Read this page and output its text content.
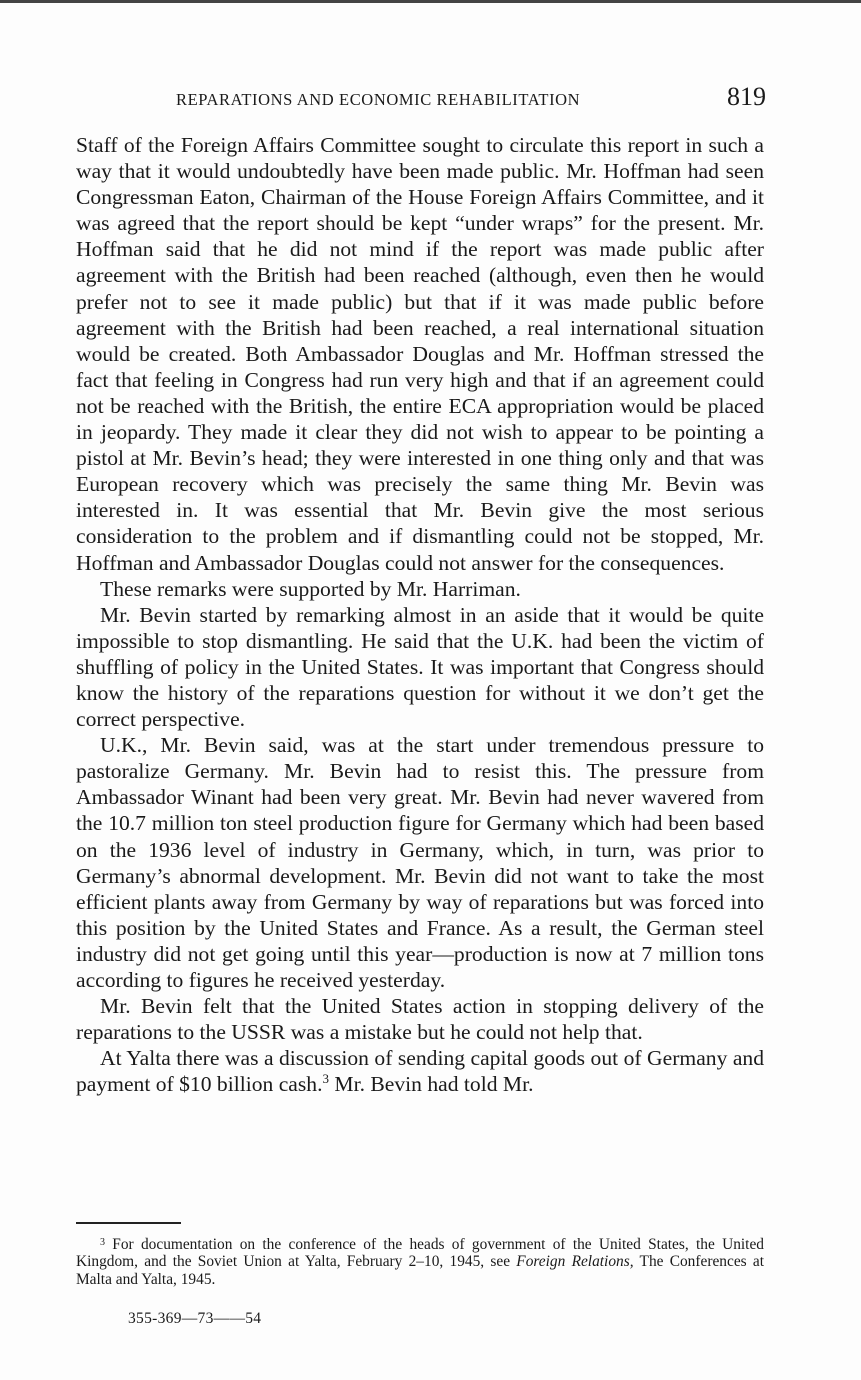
REPARATIONS AND ECONOMIC REHABILITATION	819

Staff of the Foreign Affairs Committee sought to circulate this report in such a way that it would undoubtedly have been made public. Mr. Hoffman had seen Congressman Eaton, Chairman of the House Foreign Affairs Committee, and it was agreed that the report should be kept “under wraps” for the present. Mr. Hoffman said that he did not mind if the report was made public after agreement with the British had been reached (although, even then he would prefer not to see it made public) but that if it was made public before agreement with the British had been reached, a real international situation would be created. Both Ambassador Douglas and Mr. Hoffman stressed the fact that feeling in Congress had run very high and that if an agreement could not be reached with the British, the entire ECA appropriation would be placed in jeopardy. They made it clear they did not wish to appear to be pointing a pistol at Mr. Bevin’s head; they were interested in one thing only and that was European recovery which was precisely the same thing Mr. Bevin was interested in. It was essential that Mr. Bevin give the most serious consideration to the problem and if dismantling could not be stopped, Mr. Hoffman and Ambassador Douglas could not answer for the consequences.

These remarks were supported by Mr. Harriman.

Mr. Bevin started by remarking almost in an aside that it would be quite impossible to stop dismantling. He said that the U.K. had been the victim of shuffling of policy in the United States. It was important that Congress should know the history of the reparations question for without it we don’t get the correct perspective.

U.K., Mr. Bevin said, was at the start under tremendous pressure to pastoralize Germany. Mr. Bevin had to resist this. The pressure from Ambassador Winant had been very great. Mr. Bevin had never wavered from the 10.7 million ton steel production figure for Germany which had been based on the 1936 level of industry in Germany, which, in turn, was prior to Germany’s abnormal development. Mr. Bevin did not want to take the most efficient plants away from Germany by way of reparations but was forced into this position by the United States and France. As a result, the German steel industry did not get going until this year—production is now at 7 million tons according to figures he received yesterday.

Mr. Bevin felt that the United States action in stopping delivery of the reparations to the USSR was a mistake but he could not help that.

At Yalta there was a discussion of sending capital goods out of Germany and payment of $10 billion cash.$^3$ Mr. Bevin had told Mr.

$^3$ For documentation on the conference of the heads of government of the United States, the United Kingdom, and the Soviet Union at Yalta, February 2–10, 1945, see Foreign Relations, The Conferences at Malta and Yalta, 1945.
355-369—73——54
